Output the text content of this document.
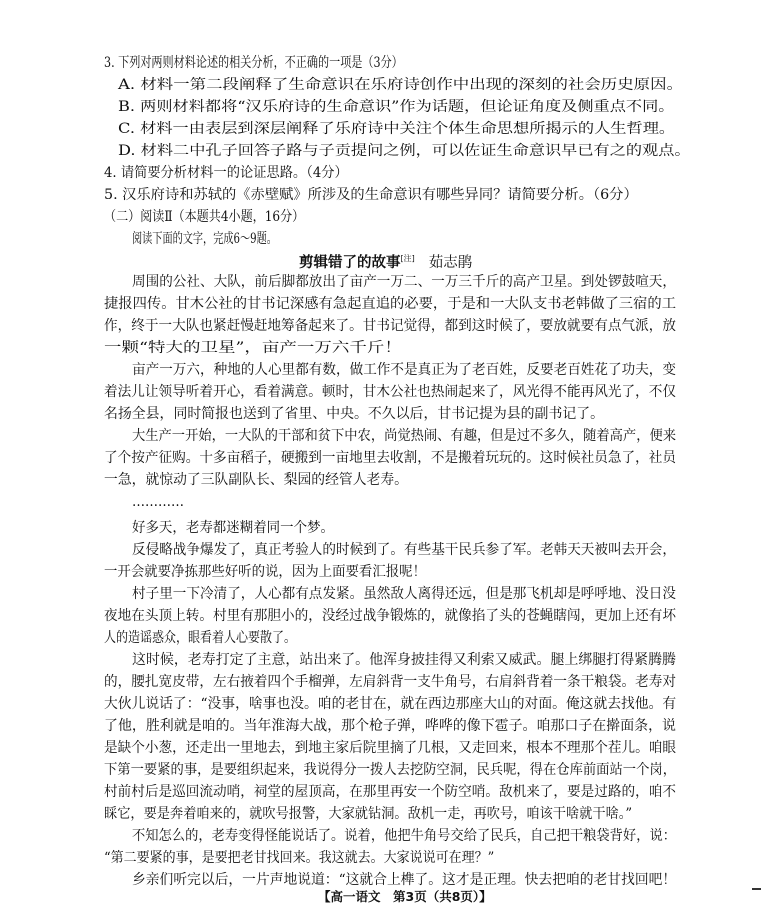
3. 下列对两则材料论述的相关分析，不正确的一项是（3分）
A. 材料一第二段阐释了生命意识在乐府诗创作中出现的深刻的社会历史原因。
B. 两则材料都将“汉乐府诗的生命意识”作为话题，但论证角度及侧重点不同。
C. 材料一由表层到深层阐释了乐府诗中关注个体生命思想所揭示的人生哲理。
D. 材料二中孔子回答子路与子贡提问之例，可以佐证生命意识早已有之的观点。
4. 请简要分析材料一的论证思路。（4分）
5. 汉乐府诗和苏轼的《赤壁赋》所涉及的生命意识有哪些异同？请简要分析。（6分）
（二）阅读Ⅱ（本题共4小题，16分）
阅读下面的文字，完成6～9题。
剪辑错了的故事[注] 茹志鹃
周围的公社、大队，前后脚都放出了亩产一万二、一万三千斤的高产卫星。到处锣鼓喧天，
捷报四传。甘木公社的甘书记深感有急起直追的必要，于是和一大队支书老韩做了三宿的工
作，终于一大队也紧赶慢赶地筹备起来了。甘书记觉得，都到这时候了，要放就要有点气派，放
一颗“特大的卫星”，亩产一万六千斤！
亩产一万六，种地的人心里都有数，做工作不是真正为了老百姓，反要老百姓花了功夫，变
着法儿让领导听着开心，看着满意。顿时，甘木公社也热闹起来了，风光得不能再风光了，不仅
名扬全县，同时简报也送到了省里、中央。不久以后，甘书记提为县的副书记了。
大生产一开始，一大队的干部和贫下中农，尚觉热闹、有趣，但是过不多久，随着高产，便来
了个按产征购。十多亩稻子，硬搬到一亩地里去收割，不是搬着玩玩的。这时候社员急了，社员
一急，就惊动了三队副队长、梨园的经管人老寿。
…………
好多天，老寿都迷糊着同一个梦。
反侵略战争爆发了，真正考验人的时候到了。有些基干民兵参了军。老韩天天被叫去开会，
一开会就要净拣那些好听的说，因为上面要看汇报呢！
村子里一下冷清了，人心都有点发紧。虽然敌人离得还远，但是那飞机却是呼呼地、没日没
夜地在头顶上转。村里有那胆小的，没经过战争锻炼的，就像掐了头的苍蝇瞎闯，更加上还有坏
人的造谣惑众，眼看着人心要散了。
这时候，老寿打定了主意，站出来了。他浑身披挂得又利索又威武。腿上绑腿打得紧腾腾
的，腰扎宽皮带，左右掖着四个手榴弹，左肩斜背一支牛角号，右肩斜背着一条干粮袋。老寿对
大伙儿说话了：“没事，啥事也没。咱的老甘在，就在西边那座大山的对面。俺这就去找他。有
了他，胜利就是咱的。当年淮海大战，那个枪子弹，哗哗的像下雹子。咱那口子在擀面条，说
是缺个小葱，还走出一里地去，到地主家后院里摘了几根，又走回来，根本不理那个茬儿。咱眼
下第一要紧的事，是要组织起来，我说得分一拨人去挖防空洞，民兵呢，得在仓库前面站一个岗，
村前村后是巡回流动哨，祠堂的屋顶高，在那里再安一个防空哨。敌机来了，要是过路的，咱不
睬它，要是奔着咱来的，就吹号报警，大家就钻洞。敌机一走，再吹号，咱该干啥就干啥。”
不知怎么的，老寿变得怪能说话了。说着，他把牛角号交给了民兵，自己把干粮袋背好，说：
“第二要紧的事，是要把老甘找回来。我这就去。大家说说可在理？”
乡亲们听完以后，一片声地说道：“这就合上榫了。这才是正理。快去把咱的老甘找回吧！
【高一语文　第3页（共8页）】
